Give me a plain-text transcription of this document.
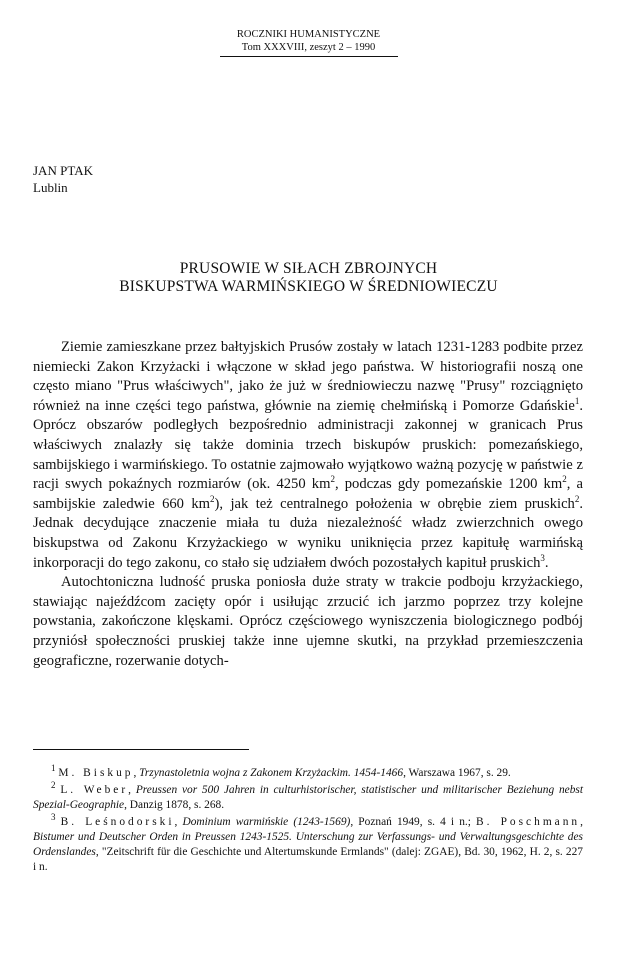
ROCZNIKI HUMANISTYCZNE
Tom XXXVIII, zeszyt 2 – 1990
JAN PTAK
Lublin
PRUSOWIE W SIŁACH ZBROJNYCH
BISKUPSTWA WARMIŃSKIEGO W ŚREDNIOWIECZU

Ziemie zamieszkane przez bałtyjskich Prusów zostały w latach 1231-1283 podbite przez niemiecki Zakon Krzyżacki i włączone w skład jego państwa. W historiografii noszą one często miano "Prus właściwych", jako że już w średniowieczu nazwę "Prusy" rozciągnięto również na inne części tego państwa, głównie na ziemię chełmińską i Pomorze Gdańskie$^1$. Oprócz obszarów podległych bezpośrednio administracji zakonnej w granicach Prus właściwych znalazły się także dominia trzech biskupów pruskich: pomezańskiego, sambijskiego i warmińskiego. To ostatnie zajmowało wyjątkowo ważną pozycję w państwie z racji swych pokaźnych rozmiarów (ok. 4250 $km^2$, podczas gdy pomezańskie 1200 $km^2$, a sambijskie zaledwie 660 $km^2$), jak też centralnego położenia w obrębie ziem pruskich$^2$. Jednak decydujące znaczenie miała tu duża niezależność władz zwierzchnich owego biskupstwa od Zakonu Krzyżackiego w wyniku uniknięcia przez kapitułę warmińską inkorporacji do tego zakonu, co stało się udziałem dwóch pozostałych kapituł pruskich$^3$.

Autochtoniczna ludność pruska poniosła duże straty w trakcie podboju krzyżackiego, stawiając najeźdźcom zacięty opór i usiłując zrzucić ich jarzmo poprzez trzy kolejne powstania, zakończone klęskami. Oprócz częściowego wyniszczenia biologicznego podbój przyniósł społeczności pruskiej także inne ujemne skutki, na przykład przemieszczenia geograficzne, rozerwanie dotych-

$^1$ M. Biskup, Trzynastoletnia wojna z Zakonem Krzyżackim. 1454-1466, Warszawa 1967, s. 29.

$^2$ L. Weber, Preussen vor 500 Jahren in culturhistorischer, statistischer und militarischer Beziehung nebst Spezial-Geographie, Danzig 1878, s. 268.

$^3$ B. Leśnodorski, Dominium warmińskie (1243-1569), Poznań 1949, s. 4 i n.; B. Poschmann, Bistumer und Deutscher Orden in Preussen 1243-1525. Unterschung zur Verfassungs- und Verwaltungsgeschichte des Ordenslandes, "Zeitschrift für die Geschichte und Altertumskunde Ermlands" (dalej: ZGAE), Bd. 30, 1962, H. 2, s. 227 i n.
